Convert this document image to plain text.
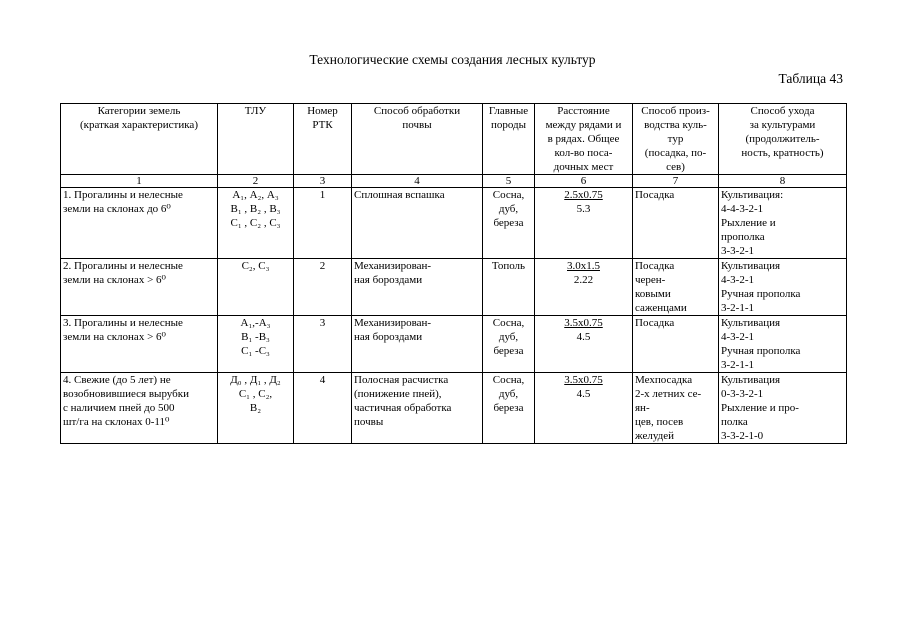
Технологические схемы создания лесных культур
Таблица 43
Категории земель
(краткая характеристика)	ТЛУ	Номер
РТК	Способ обработки
почвы	Главные
породы	Расстояние
между рядами и
в рядах. Общее
кол-во поса-
дочных мест	Способ произ-
водства куль-
тур
(посадка, по-
сев)	Способ ухода
за культурами
(продолжитель-
ность, кратность)

1	2	3	4	5	6	7	8

1. Прогалины и нелесные
земли на склонах до 6⁰	А₁, А₂, А₃
В₁ , В₂ , В₃
С₁ , С₂ , С₃	1	Сплошная вспашка	Сосна,
дуб,
береза	2.5х0.75
5.3	Посадка	Культивация:
4-4-3-2-1
Рыхление и
прополка
3-3-2-1

2. Прогалины и нелесные
земли на склонах > 6⁰	С₂, С₃	2	Механизирован-
ная бороздами	Тополь	3.0х1.5
2.22	Посадка
черен-
ковыми
саженцами	Культивация
4-3-2-1
Ручная прополка
3-2-1-1

3. Прогалины и нелесные
земли на склонах > 6⁰	А₁,-А₃
В₁ -В₃
С₁ -С₃	3	Механизирован-
ная бороздами	Сосна,
дуб,
береза	3.5х0.75
4.5	Посадка	Культивация
4-3-2-1
Ручная прополка
3-2-1-1

4. Свежие (до 5 лет) не
возобновившиеся вырубки
с наличием пней до 500
шт/га на склонах 0-11⁰	Д₀ , Д₁ , Д₂
С₁ , С₂,
В₂	4	Полосная расчистка
(понижение пней),
частичная обработка
почвы	Сосна,
дуб,
береза	3.5х0.75
4.5	Мехпосадка
2-х летних се-
ян-
цев, посев
желудей	Культивация
0-3-3-2-1
Рыхление и про-
полка
3-3-2-1-0
